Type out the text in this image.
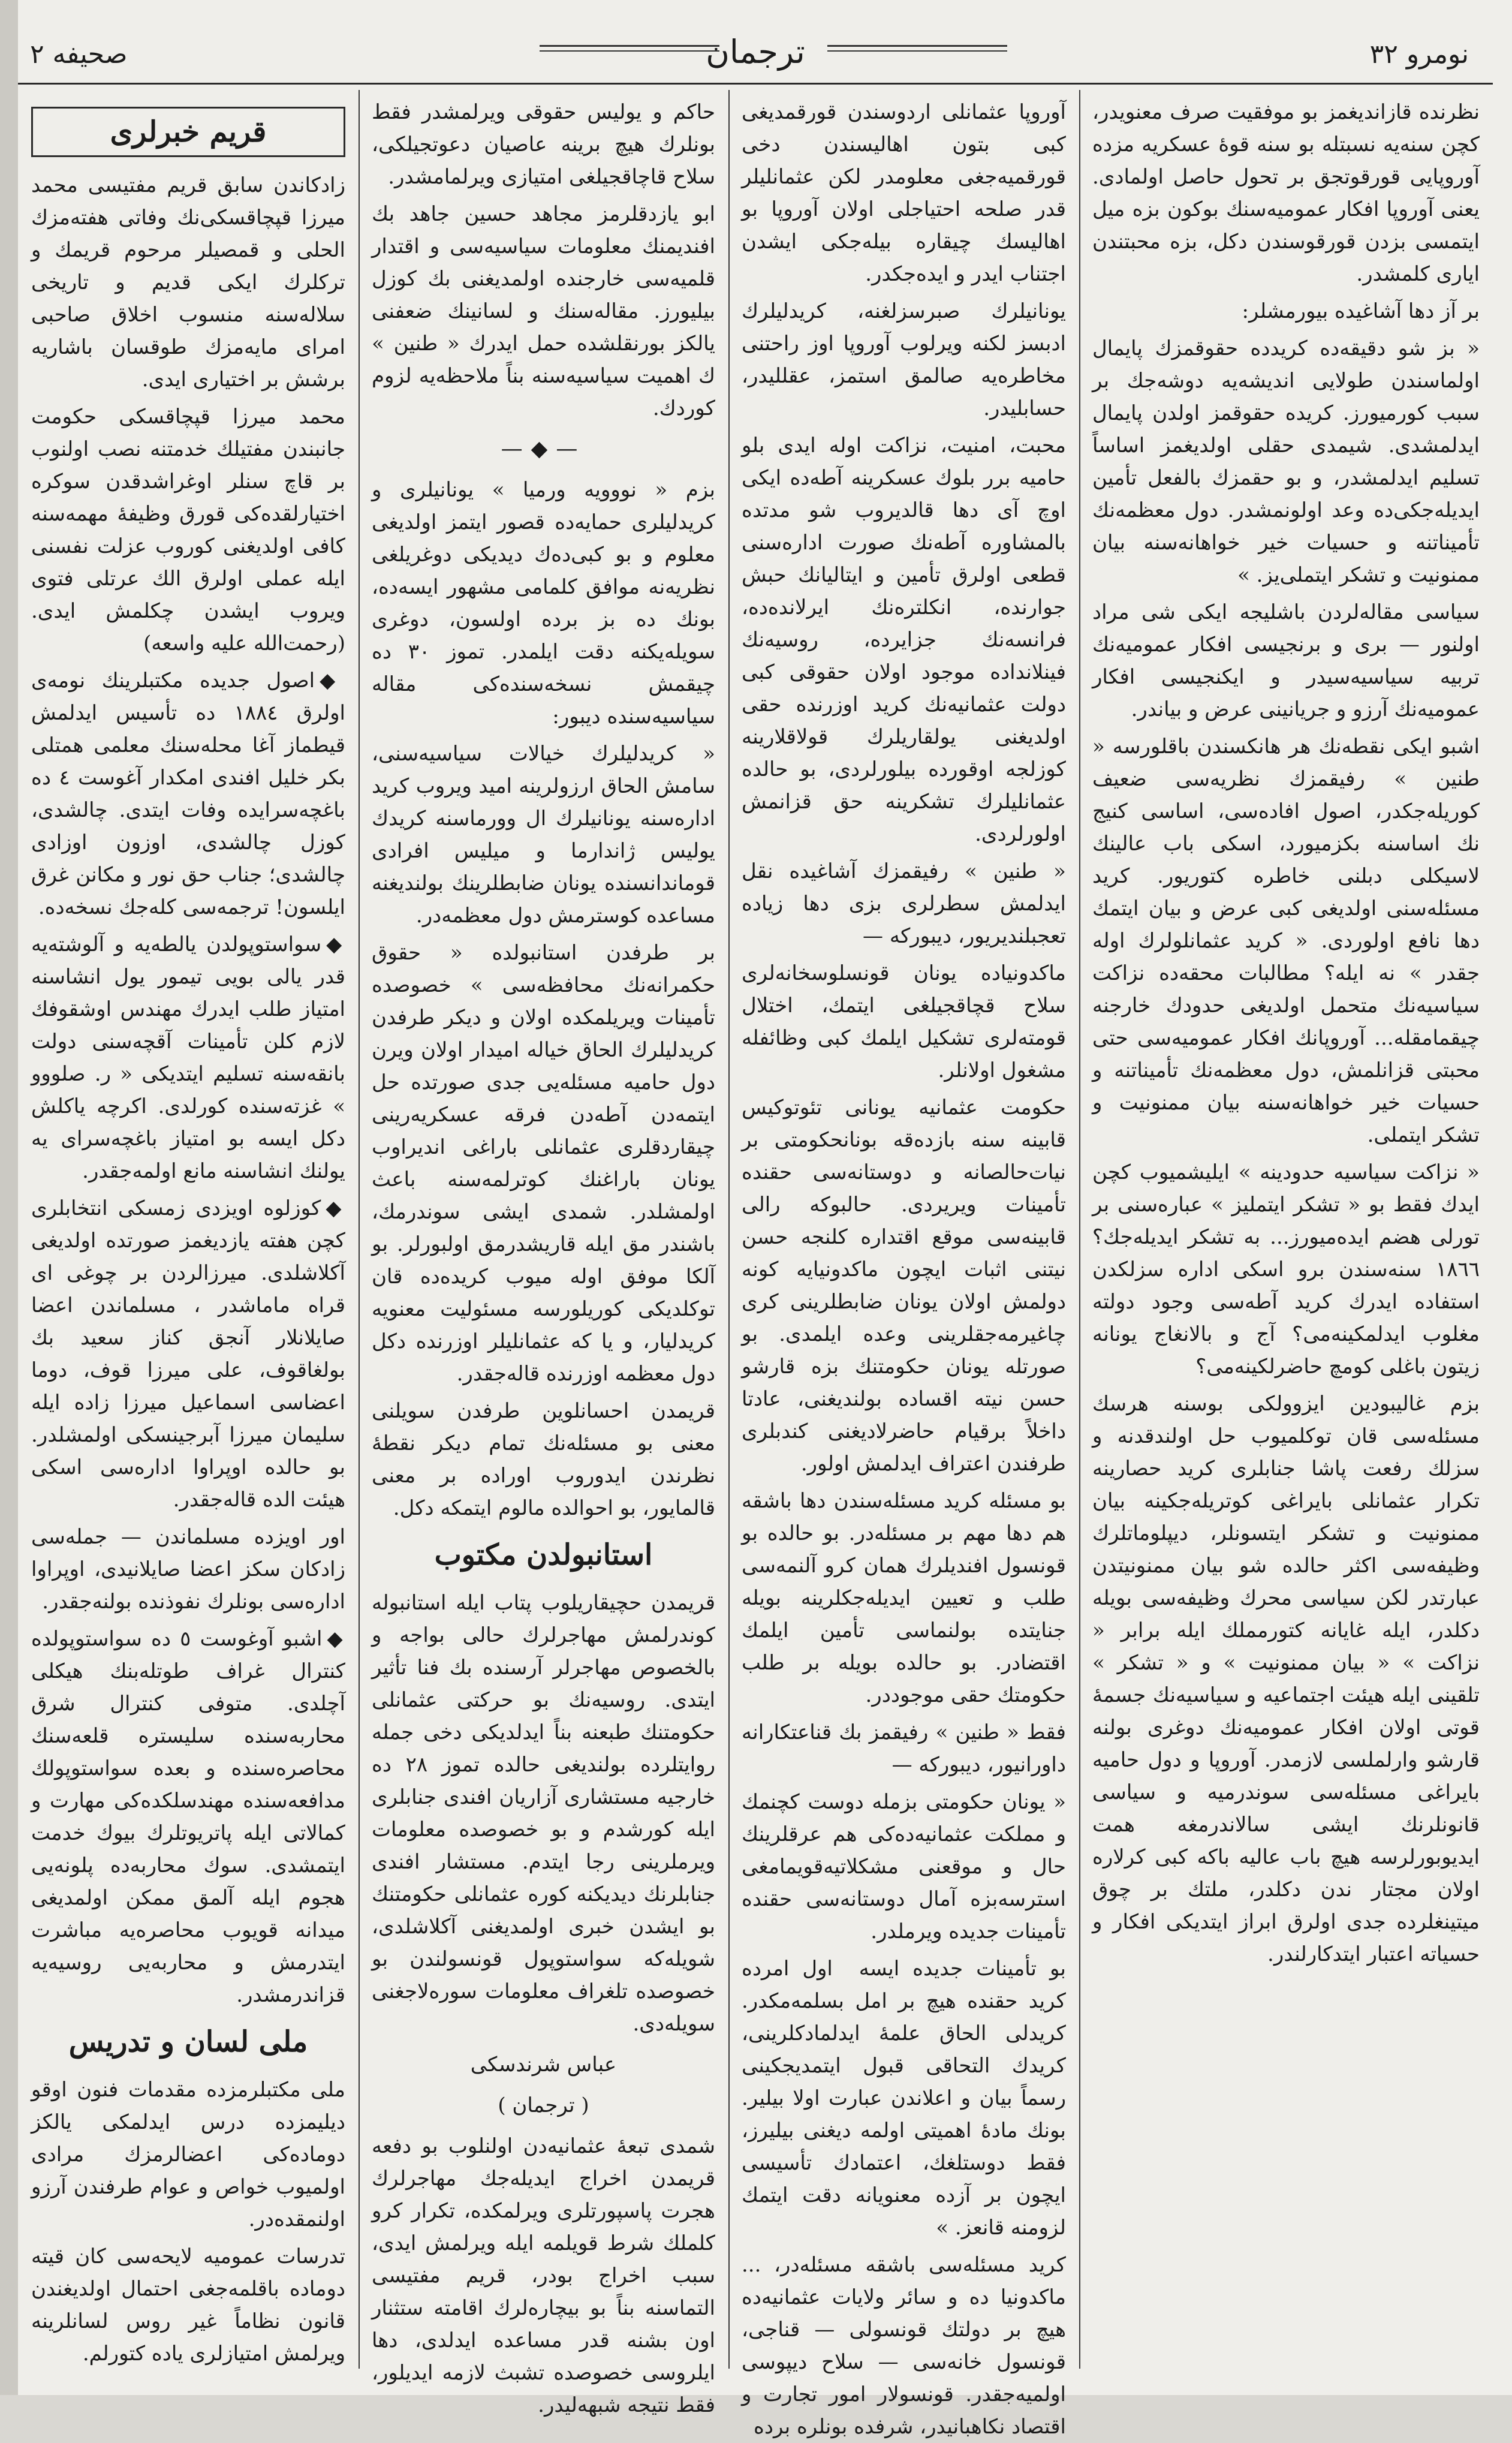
نومرو ٣٢
ترجمان
صحيفه ٢

نظرنده قازانديغمز بو موفقيت صرف معنويدر، كچن سنه‌يه نسبتله بو سنه قوهٔ عسكريه مزده آوروپايى قورقوتجق بر تحول حاصل اولمادى. يعنى آوروپا افكار عموميه‌سنك بوكون بزه ميل ايتمسى بزدن قورقوسندن دكل، بزه محبتندن ايارى كلمشدر.

بر آز دها آشاغيده بيورمشلر:

« بز شو دقيقه‌ده كريدده حقوقمزك پايمال اولماسندن طولايى انديشه‌يه دوشه‌جك بر سبب كورميورز. كريده حقوقمز اولدن پايمال ايدلمشدى. شيمدى حقلى اولديغمز اساساً تسليم ايدلمشدر، و بو حقمزك بالفعل تأمين ايديله‌جكى‌ده وعد اولونمشدر. دول معظمه‌نك تأميناتنه و حسيات خير خواهانه‌سنه بيان ممنونيت و تشكر ايتملى‌يز. »

سياسى مقاله‌لردن باشليجه ايكى شى مراد اولنور — برى و برنجيسى افكار عموميه‌نك تربيه سياسيه‌سيدر و ايكنجيسى افكار عموميه‌نك آرزو و جريانينى عرض و بياندر.

اشبو ايكى نقطه‌نك هر هانكسندن باقلورسه « طنين » رفيقمزك نظريه‌سى ضعيف كوريله‌جكدر، اصول افاده‌سى، اساسى كنيج نك اساسنه بكزميورد، اسكى باب عالينك لاسيكلى دبلنى خاطره كتوريور. كريد مسئله‌سنى اولديغى كبى عرض و بيان ايتمك دها نافع اولوردى. « كريد عثمانلولرك اوله جقدر » نه ايله؟ مطالبات محقه‌ده نزاكت سياسيه‌نك متحمل اولديغى حدودك خارجنه چيقمامقله... آوروپانك افكار عموميه‌سى حتى محبتى قزانلمش، دول معظمه‌نك تأميناتنه و حسيات خير خواهانه‌سنه بيان ممنونيت و تشكر ايتملى.

« نزاكت سياسيه حدودينه » ايليشميوب كچن ايدك فقط بو « تشكر ايتمليز » عباره‌سنى بر تورلى هضم ايده‌ميورز... به تشكر ايديله‌جك؟ ١٨٦٦ سنه‌سندن برو اسكى اداره سزلكدن استفاده ايدرك كريد آطه‌سى وجود دولته مغلوب ايدلمكينه‌مى؟ آج و بالانغاج يونانه زيتون باغلى كومچ حاضرلكينه‌مى؟

بزم غاليبودين ايزوولكى بوسنه هرسك مسئله‌سى قان توكلميوب حل اولندقدنه و سزلك رفعت پاشا جنابلرى كريد حصارينه تكرار عثمانلى بايراغى كوتريله‌جكينه بيان ممنونيت و تشكر ايتسونلر، ديپلوماتلرك وظيفه‌سى اكثر حالده شو بيان ممنونيتدن عبارتدر لكن سياسى محرك وظيفه‌سى بويله دكلدر، ايله غايانه كتورمملك ايله برابر « نزاكت » « بيان ممنونيت » و « تشكر » تلقينى ايله هيئت اجتماعيه و سياسيه‌نك جسمهٔ قوتى اولان افكار عموميه‌نك دوغرى بولنه قارشو وارلملسى لازمدر. آوروپا و دول حاميه بايراغى مسئله‌سى سوندرميه و سياسى قانونلرنك ايشى سالاندرمغه همت ايديوبورلرسه هيچ باب عاليه باكه كبى كرلاره اولان مجتار ندن دكلدر، ملتك بر چوق ميتينغلرده جدى اولرق ابراز ايتديكى افكار و حسياته اعتبار ايتدكارلندر.

آوروپا عثمانلى اردوسندن قورقمديغى كبى بتون اهاليسندن دخى قورقميه‌جغى معلومدر لكن عثمانليلر قدر صلحه احتياجلى اولان آوروپا بو اهاليسك چيقاره بيله‌جكى ايشدن اجتناب ايدر و ايده‌جكدر.

يونانيلرك صبرسزلغنه، كريدليلرك ادبسز لكنه ويرلوب آوروپا اوز راحتنى مخاطره‌يه صالمق استمز، عقلليدر، حسابليدر.

محبت، امنيت، نزاكت اوله ايدى بلو حاميه برر بلوك عسكرينه آطه‌ده ايكى اوچ آى دها قالديروب شو مدتده بالمشاوره آطه‌نك صورت اداره‌سنى قطعى اولرق تأمين و ايتاليانك حبش جوارنده، انكلترەنك ايرلانده‌ده، فرانسه‌نك جزايرده، روسيه‌نك فينلانداده موجود اولان حقوقى كبى دولت عثمانيه‌نك كريد اوزرنده حقى اولديغنى يولقاريلرك قولاقلارينه كوزلجه اوقورده بيلورلردى، بو حالده عثمانليلرك تشكرينه حق قزانمش اولورلردى.

« طنين » رفيقمزك آشاغيده نقل ايدلمش سطرلرى بزى دها زياده تعجبلنديريور، ديبورکه —

ماكدونياده يونان قونسلوسخانه‌لرى سلاح قچاقجيلغى ايتمك، اختلال قومته‌لرى تشكيل ايلمك كبى وظائفله مشغول اولانلر.

حكومت عثمانيه يونانى تئوتوكيس قابينه سنه بازده‌قه بونانحكومتى بر نيات‌حالصانه و دوستانه‌سى حقنده تأمينات ويريردى. حالبوكه رالى قابينه‌سى موقع اقتداره كلنجه حسن نيتنى اثبات ايچون ماكدونيايه كونه دولمش اولان يونان ضابطلرينى كرى چاغيرمه‌جقلرينى وعده ايلمدى. بو صورتله يونان حكومتنك بزه قارشو حسن نيته اقساده بولنديغنى، عادتا داخلاً برقيام حاضرلاديغنى كندبلرى طرفندن اعتراف ايدلمش اولور.

بو مسئله كريد مسئله‌سندن دها باشقه هم دها مهم بر مسئله‌در. بو حالده بو قونسول افنديلرك همان كرو آلنمه‌سى طلب و تعيين ايديله‌جكلرينه بويله جنايتده بولنماسى تأمين ايلمك اقتضادر. بو حالده بويله بر طلب حكومتك حقى موجوددر.

فقط « طنين » رفيقمز بك قناعتكارانه داورانيور، ديبورکه —

« يونان حكومتى بزمله دوست كچنمك و مملكت عثمانيه‌ده‌كى هم عرقلرينك حال و موقعنى مشكلاتيه‌قويمامغى استرسه‌بزه آمال دوستانه‌سى حقنده تأمينات جديده ويرملدر.

بو تأمينات جديده ايسه ‌ اول امرده كريد حقنده هيچ بر امل بسلمه‌مكدر. كريدلى الحاق علمهٔ ايدلمادكلرينى، كريدك التحاقى قبول ايتمديجكينى رسماً بيان و اعلاندن عبارت اولا بيلير. بونك مادهٔ اهميتى اولمه ديغنى بيليرز، فقط دوستلغك، اعتمادك تأسيسى ايچون بر آزده معنويانه دقت ايتمك لزومنه قانعز. »

كريد مسئله‌سى باشقه مسئله‌در، ... ماكدونيا ده و سائر ولايات عثمانيه‌ده هيچ بر دولتك قونسولى — قناجى، قونسول خانه‌سى — سلاح ديپوسى اولميه‌جقدر. قونسولار امور تجارت و اقتصاد نكاهبانيدر، شرفده بونلره برده

حاكم و يوليس حقوقى ويرلمشدر فقط بونلرك هيچ برينه عاصيان دعوتجيلكى، سلاح قاچاقجيلغى امتيازى ويرلمامشدر.

ابو يازدقلرمز مجاهد حسين جاهد بك افنديمنك معلومات سياسيه‌سى و اقتدار قلميه‌سى خارجنده اولمديغنى بك كوزل بيليورز. مقاله‌سنك و لسانينك ضعفنى يالكز بورنقلشده حمل ايدرك « طنين » ك اهميت سياسيه‌سنه بناً ملاحظه‌يه لزوم كوردك.

—◆—

بزم « نووويه ورميا » يونانيلرى و كريدليلرى حمايه‌ده قصور ايتمز اولديغى معلوم و بو كبى‌ده‌ك ديديكى دوغريلغى نظريه‌نه موافق كلمامى مشهور ايسه‌ده، بونك ده بز برده اولسون، دوغرى سويله‌يكنه دقت ايلمدر. تموز ٣٠ ده چيقمش نسخه‌سندەكى مقاله سياسيه‌سنده ديبور:

« كريدليلرك خيالات سياسيه‌سنى، سامش الحاق ارزولرينه اميد ويروب كريد اداره‌سنه يونانيلرك ال وورماسنه كريدك يوليس ژاندارما و ميليس افرادى قوماندانسنده يونان ضابطلرينك بولنديغنه مساعده كوسترمش دول معظمه‌در.

بر طرفدن استانبولده « حقوق حكمرانه‌نك محافظه‌سى » خصوصده تأمينات ويريلمكده اولان و ديكر طرفدن كريدليلرك الحاق خياله اميدار اولان ويرن دول حاميه مسئله‌يى جدى صورتده حل ايتمه‌دن آطه‌دن فرقه عسكريه‌رينى چيقاردقلرى عثمانلى باراغى انديراوب يونان باراغنك كوترلمه‌سنه باعث اولمشلدر. شمدى ايشى سوندرمك، باشندر مق ايله قاريشدرمق اولبورلر. بو آلكا موفق اوله ميوب كريده‌ده قان توكلديكى كوريلورسه مسئوليت معنويه كريدليار، و يا كه عثمانليلر اوزرنده دكل دول معظمه اوزرنده قاله‌جقدر.

قريمدن احسانلوين طرفدن سويلنى معنى بو مسئله‌نك تمام ديكر نقطهٔ نظرندن ايدوروب اوراده بر معنى قالمايور، بو احوالده مالوم ايتمكه دكل.

استانبولدن مكتوب

قريمدن حچيقاريلوب پتاب ايله استانبوله كوندرلمش مهاجرلرك حالى بواجه و بالخصوص مهاجرلر آرسنده بك فنا تأثير ايتدى. روسيه‌نك بو حركتى عثمانلى حكومتنك طبعنه بناً ايدلديكى دخى جمله روايتلرده بولنديغى حالده تموز ٢٨ ده خارجيه مستشارى آزاريان افندى جنابلرى ايله كورشدم و بو خصوصده معلومات ويرملرينى رجا ايتدم. مستشار افندى جنابلرنك ديديكنه كوره عثمانلى حكومتنك بو ايشدن خبرى اولمديغنى آكلاشلدى، شويله‌كه سواستوپول قونسولندن بو خصوصده تلغراف معلومات سوره‌لاجغنى سويله‌دى.

عباس شرندسكى
( ترجمان )

شمدى تبعهٔ عثمانيه‌دن اولنلوب بو دفعه قريمدن اخراج ايديله‌جك مهاجرلرك هجرت پاسپورتلرى ويرلمكده، تكرار كرو كلملك شرط قويلمه ايله ويرلمش ايدى، سبب اخراج بودر، قريم مفتيسى التماسنه بناً بو بيچاره‌لرك اقامته ستثنار اون بشنه قدر مساعده ايدلدى، دها ايلروسى خصوصده تشبث لازمه ايديلور، فقط نتيجه شبهه‌ليدر.

قريم خبرلرى

زادكاندن سابق قريم مفتيسى محمد ميرزا قپچاقسكى‌نك وفاتى هفته‌مزك الحلى و قمصيلر مرحوم قريمك و تركلرك ايكى قديم و تاريخى سلاله‌سنه منسوب اخلاق صاحبى امراى مايه‌مزك طوقسان باشاريه برشش بر اختيارى ايدى.

محمد ميرزا قپچاقسكى حكومت جانبندن مفتيلك خدمتنه نصب اولنوب بر قاچ سنلر اوغراشدقدن سوكره اختيارلقده‌كى قورق وظيفهٔ مهمه‌سنه كافى اولديغنى كوروب عزلت نفسنى ايله عملى اولرق الك عرتلى فتوى ويروب ايشدن چكلمش ايدى. (رحمت‌الله عليه واسعه)

◆اصول جديده مكتبلرينك نومه‌ى اولرق ١٨٨٤ ده تأسيس ايدلمش قيطماز آغا محله‌سنك معلمى همتلى بكر خليل افندى امكدار آغوست ٤ ده باغچه‌سرايده وفات ايتدى. چالشدى، كوزل چالشدى، اوزون اوزادى چالشدى؛ جناب حق نور و مكانن غرق ايلسون! ترجمه‌سى كله‌جك نسخه‌ده.

◆سواستوپولدن يالطه‌يه و آلوشته‌يه قدر يالى بويى تيمور يول انشاسنه امتياز طلب ايدرك مهندس اوشقوفك لازم كلن تأمينات آقچه‌سنى دولت بانقه‌سنه تسليم ايتديكى « ر. صلووو » غزته‌سنده كورلدى. اكرچه ياكلش دكل ايسه بو امتياز باغچه‌سراى يه يولنك انشاسنه مانع اولمه‌جقدر.

◆كوزلوه اويزدى زمسكى انتخابلرى كچن هفته يازديغمز صورتده اولديغى آكلاشلدى. ميرزالردن بر چوغى اى قراه ماماشدر ، مسلماندن اعضا صايلانلار آنجق كناز سعيد بك بولغاقوف، على ميرزا قوف، دوما اعضاسى اسماعيل ميرزا زاده ايله سليمان ميرزا آبرجينسكى اولمشلدر. بو حالده اوپراوا اداره‌سى اسكى هيئت الده قاله‌جقدر.

اور اويزده مسلماندن — جمله‌سى زادكان سكز اعضا صايلانيدى، اوپراوا اداره‌سى بونلرك نفوذنده بولنه‌جقدر.

◆اشبو آوغوست ٥ ده سواستوپولده كنترال غراف طوتله‌بنك هيكلى آچلدى. متوفى كنترال شرق محاربه‌سنده سليستره قلعه‌سنك محاصره‌سنده و بعده سواستوپولك مدافعه‌سنده مهندسلكده‌كى مهارت و كمالاتى ايله پاتريوتلرك بيوك خدمت ايتمشدى. سوك محاربه‌ده پلونه‌يى هجوم ايله آلمق ممكن اولمديغى ميدانه قويوب محاصره‌يه مباشرت ايتدرمش و محاربه‌يى روسيه‌يه قزاندرمشدر.

ملى لسان و تدريس

ملى مكتبلرمزده مقدمات فنون اوقو ديليمزده درس ايدلمكى يالكز دوماده‌كى اعضالرمزك مرادى اولميوب خواص و عوام طرفندن آرزو اولنمقده‌در.

تدرسات عموميه لايحه‌سى كان قيته دوماده باقلمه‌جغى احتمال اولديغندن قانون نظاماً غير روس لسانلرينه ويرلمش امتيازلرى ياده كتورلم.
